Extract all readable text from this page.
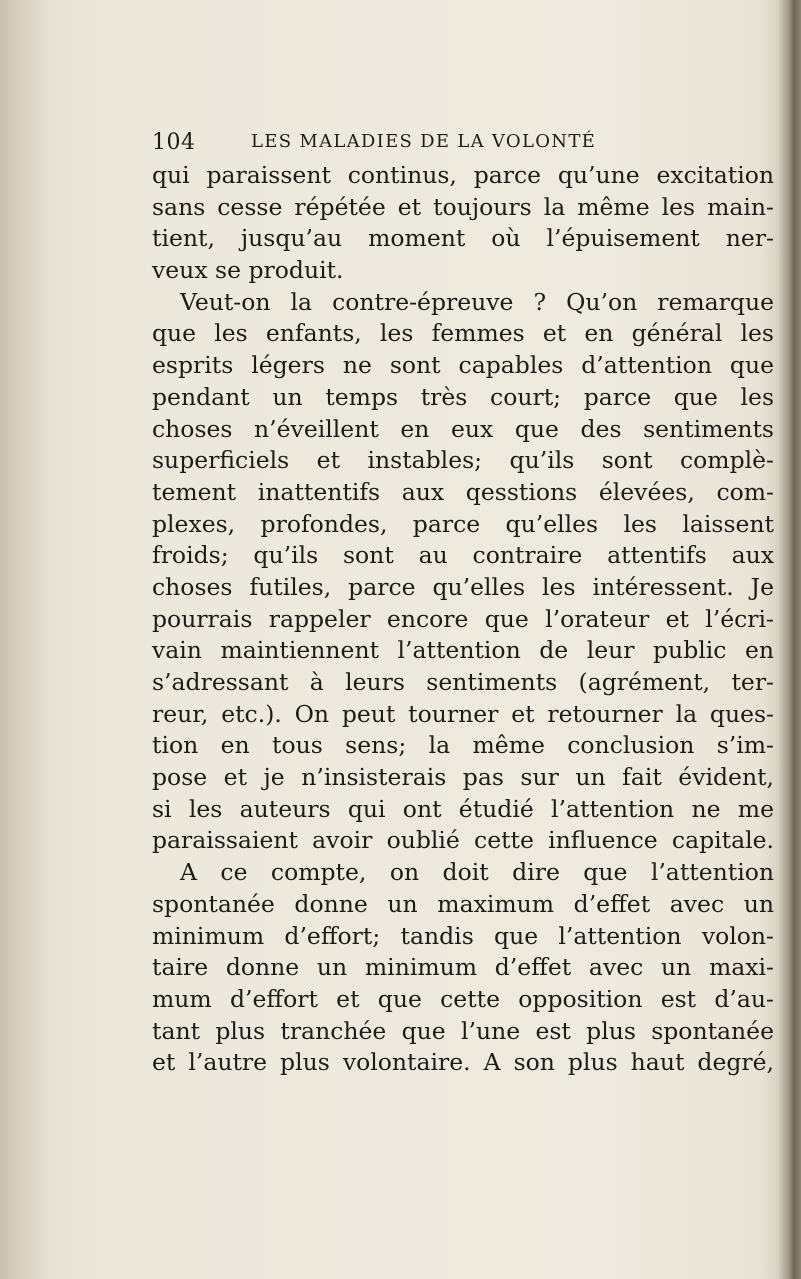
104	LES MALADIES DE LA VOLONTÉ
qui paraissent continus, parce qu’une excitation
sans cesse répétée et toujours la même les main-
tient, jusqu’au moment où l’épuisement ner-
veux se produit.
Veut-on la contre-épreuve ? Qu’on remarque
que les enfants, les femmes et en général les
esprits légers ne sont capables d’attention que
pendant un temps très court; parce que les
choses n’éveillent en eux que des sentiments
superficiels et instables; qu’ils sont complè-
tement inattentifs aux qesstions élevées, com-
plexes, profondes, parce qu’elles les laissent
froids; qu’ils sont au contraire attentifs aux
choses futiles, parce qu’elles les intéressent. Je
pourrais rappeler encore que l’orateur et l’écri-
vain maintiennent l’attention de leur public en
s’adressant à leurs sentiments (agrément, ter-
reur, etc.). On peut tourner et retourner la ques-
tion en tous sens; la même conclusion s’im-
pose et je n’insisterais pas sur un fait évident,
si les auteurs qui ont étudié l’attention ne me
paraissaient avoir oublié cette influence capitale.
A ce compte, on doit dire que l’attention
spontanée donne un maximum d’effet avec un
minimum d’effort; tandis que l’attention volon-
taire donne un minimum d’effet avec un maxi-
mum d’effort et que cette opposition est d’au-
tant plus tranchée que l’une est plus spontanée
et l’autre plus volontaire. A son plus haut degré,
